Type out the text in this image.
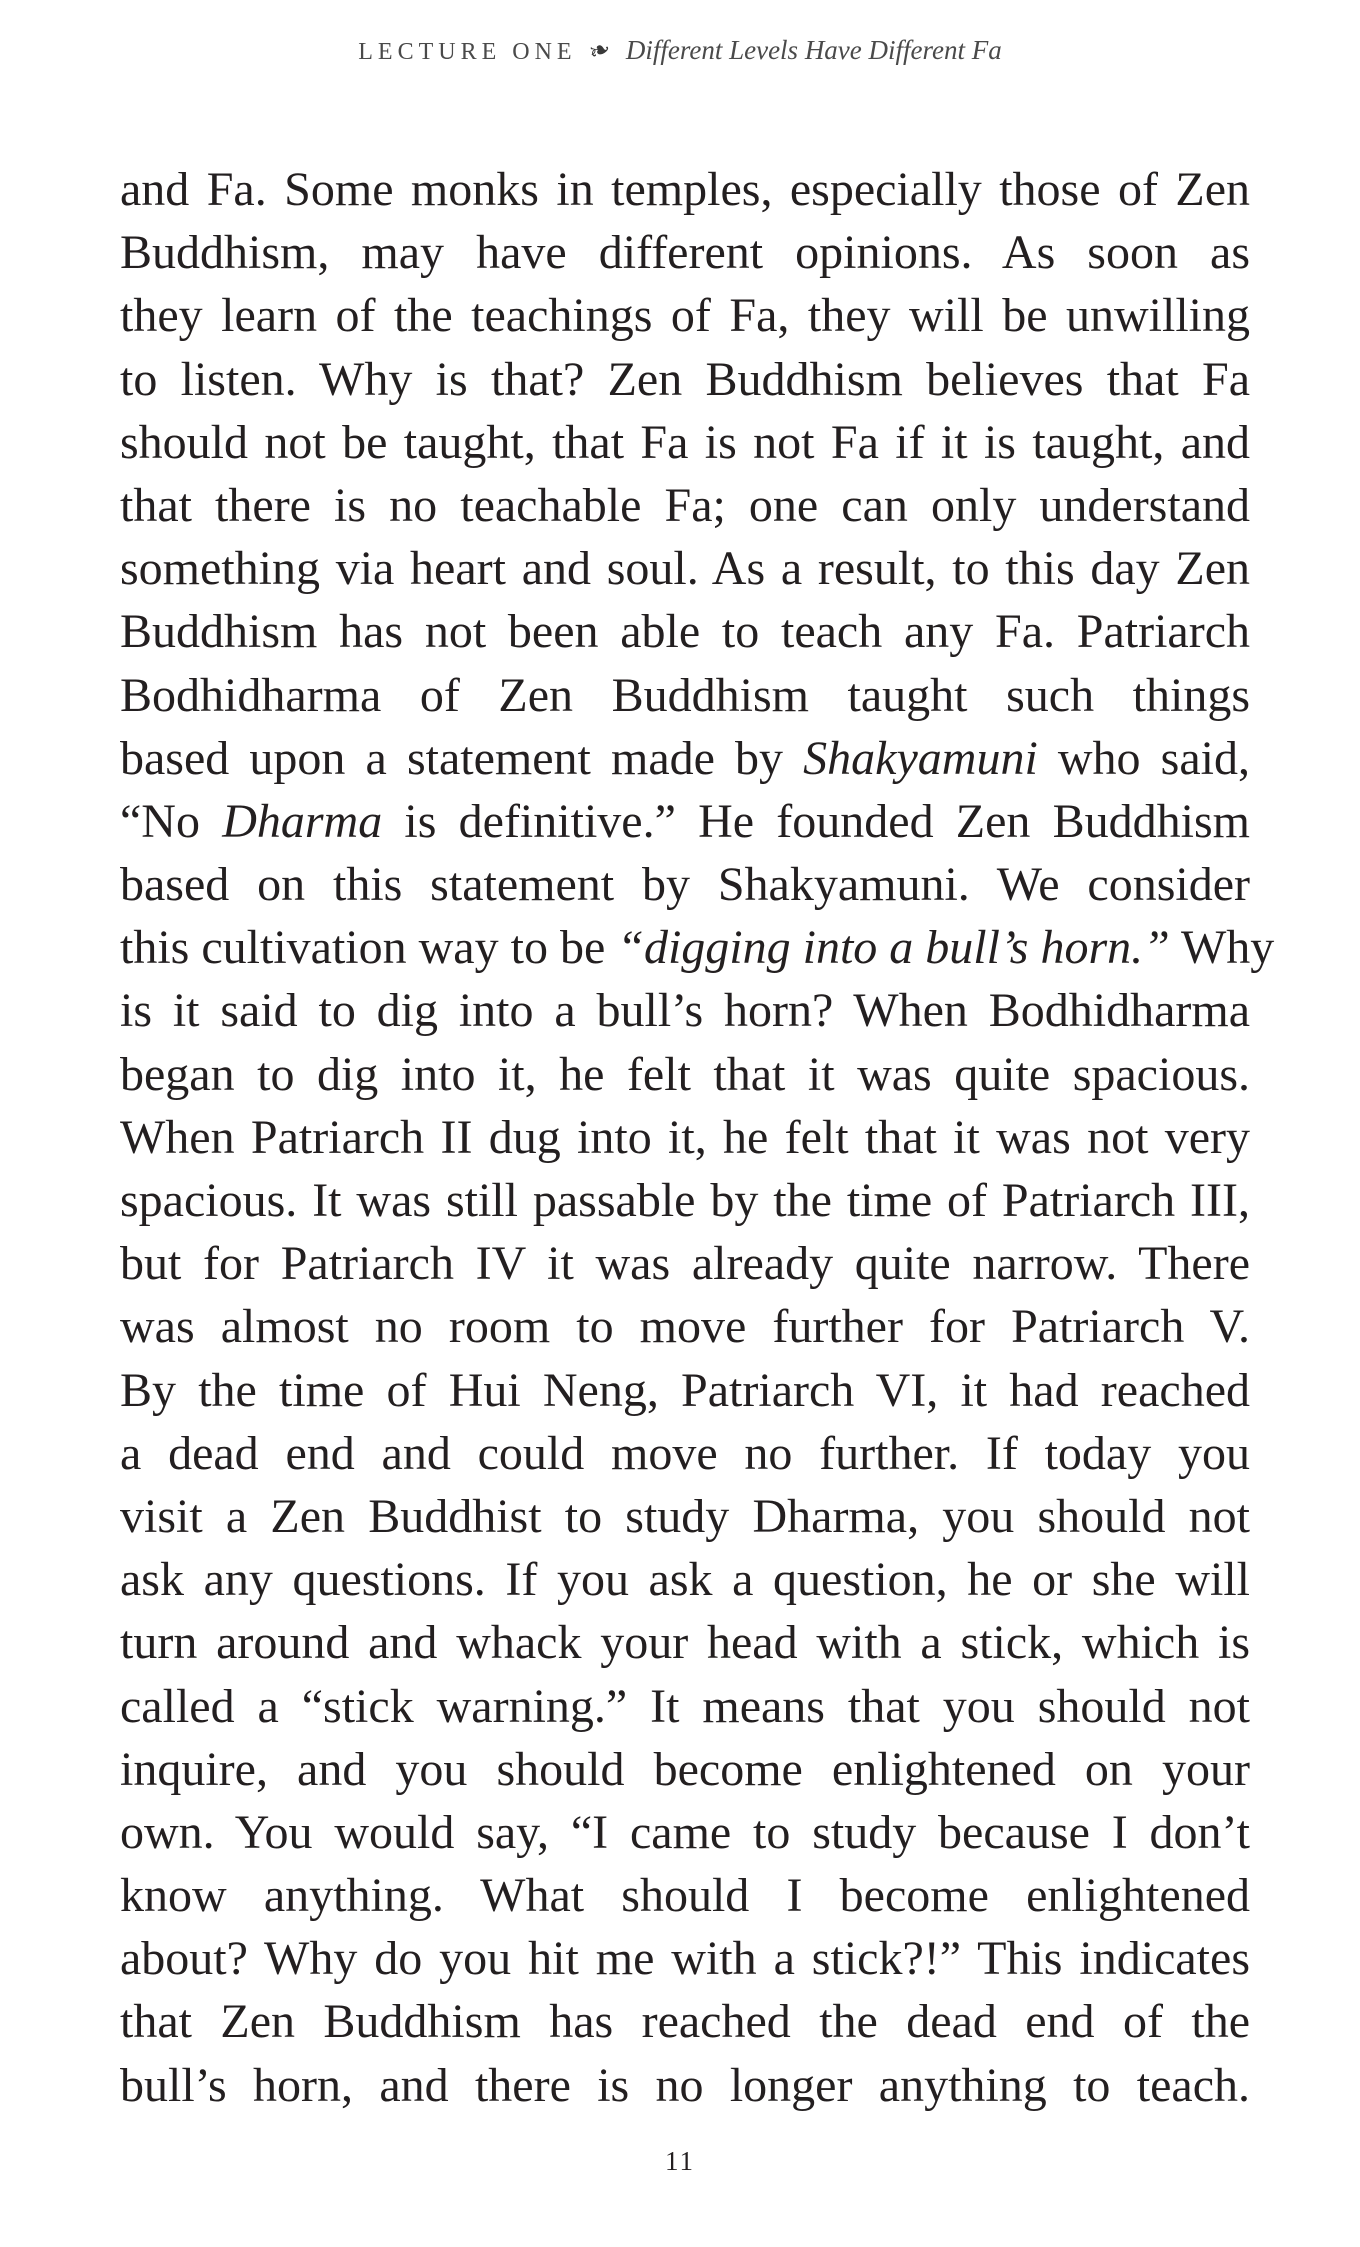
LECTURE ONE ❧ Different Levels Have Different Fa
and Fa. Some monks in temples, especially those of Zen
Buddhism, may have different opinions. As soon as
they learn of the teachings of Fa, they will be unwilling
to listen. Why is that? Zen Buddhism believes that Fa
should not be taught, that Fa is not Fa if it is taught, and
that there is no teachable Fa; one can only understand
something via heart and soul. As a result, to this day Zen
Buddhism has not been able to teach any Fa. Patriarch
Bodhidharma of Zen Buddhism taught such things
based upon a statement made by Shakyamuni who said,
“No Dharma is definitive.” He founded Zen Buddhism
based on this statement by Shakyamuni. We consider
this cultivation way to be “digging into a bull’s horn.” Why
is it said to dig into a bull’s horn? When Bodhidharma
began to dig into it, he felt that it was quite spacious.
When Patriarch II dug into it, he felt that it was not very
spacious. It was still passable by the time of Patriarch III,
but for Patriarch IV it was already quite narrow. There
was almost no room to move further for Patriarch V.
By the time of Hui Neng, Patriarch VI, it had reached
a dead end and could move no further. If today you
visit a Zen Buddhist to study Dharma, you should not
ask any questions. If you ask a question, he or she will
turn around and whack your head with a stick, which is
called a “stick warning.” It means that you should not
inquire, and you should become enlightened on your
own. You would say, “I came to study because I don’t
know anything. What should I become enlightened
about? Why do you hit me with a stick?!” This indicates
that Zen Buddhism has reached the dead end of the
bull’s horn, and there is no longer anything to teach.
11
